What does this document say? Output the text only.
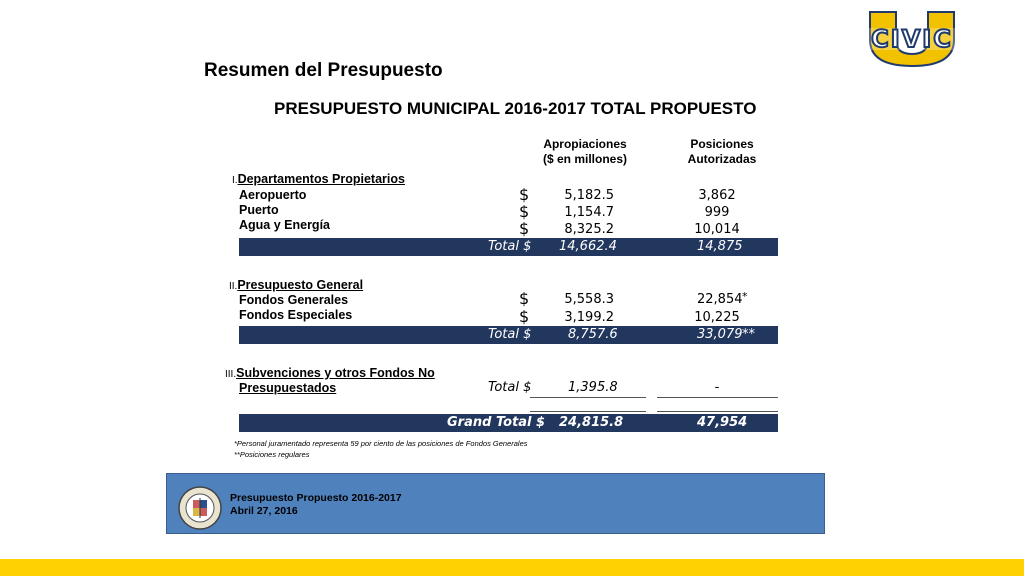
CIVIC
Resumen del Presupuesto
PRESUPUESTO MUNICIPAL 2016-2017 TOTAL PROPUESTO
Apropiaciones
($ en millones)
Posiciones
Autorizadas
I.Departamentos Propietarios
Aeropuerto	$	5,182.5	3,862
Puerto	$	1,154.7	999
Agua y Energía	$	8,325.2	10,014
Total $ 14,662.4	14,875
II.Presupuesto General
Fondos Generales	$	5,558.3	22,854 *
Fondos Especiales	$	3,199.2	10,225
Total $	8,757.6	33,079 **
III.Subvenciones y otros Fondos No
Presupuestados	Total $	1,395.8	-
Grand Total $ 24,815.8	47,954
*Personal juramentado representa 59 por ciento de las posiciones de Fondos Generales
**Posiciones regulares
Presupuesto Propuesto 2016-2017
Abril 27, 2016
